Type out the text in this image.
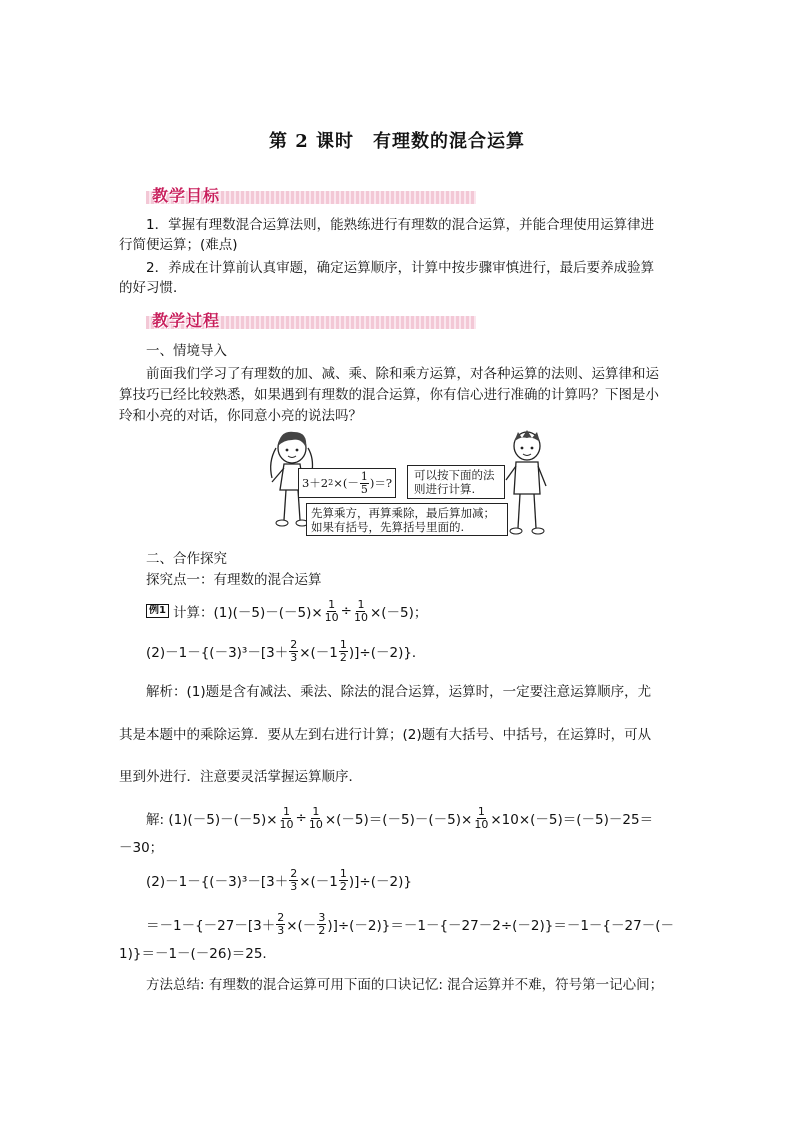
第 2 课时　有理数的混合运算
教学目标
1．掌握有理数混合运算法则，能熟练进行有理数的混合运算，并能合理使用运算律进
行简便运算；(难点)
2．养成在计算前认真审题，确定运算顺序，计算中按步骤审慎进行，最后要养成验算
的好习惯．
教学过程
一、情境导入
前面我们学习了有理数的加、减、乘、除和乘方运算，对各种运算的法则、运算律和运
算技巧已经比较熟悉，如果遇到有理数的混合运算，你有信心进行准确的计算吗？下图是小
玲和小亮的对话，你同意小亮的说法吗？
3＋2 2 ×(－ $\frac{1}{5}$ )＝?
可以按下面的法
则进行计算.
先算乘方，再算乘除，最后算加减；
如果有括号，先算括号里面的.
二、合作探究
探究点一：有理数的混合运算
例1 计算： $(1)(-5)-(-5)\times \frac{1}{10} \div \frac{1}{10} \times(-5)$；
$(2)-1-\{(-3)^3-[3+ \frac{2}{3} \times(-1 \frac{1}{2} )]\div(-2)\}$．
解析：(1)题是含有减法、乘法、除法的混合运算，运算时，一定要注意运算顺序，尤
其是本题中的乘除运算．要从左到右进行计算；(2)题有大括号、中括号，在运算时，可从
里到外进行．注意要灵活掌握运算顺序．
解: $(1)(-5)-(-5)\times \frac{1}{10} \div \frac{1}{10} \times(-5)=(-5)-(-5)\times \frac{1}{10} \times 10\times(-5)=(-5)-25=$
－30；
$(2)-1-\{(-3)^3-[3+ \frac{2}{3} \times(-1 \frac{1}{2} )]\div(-2)\}$
$=-1-\{-27-[3+ \frac{2}{3}$ ×(－ $\frac{3}{2} )]\div(-2)\}=-1-\{-27-2\div(-2)\}=-1-\{-27-(-$
1)}＝－1－(－26)＝25.
方法总结: 有理数的混合运算可用下面的口诀记忆: 混合运算并不难，符号第一记心间；
